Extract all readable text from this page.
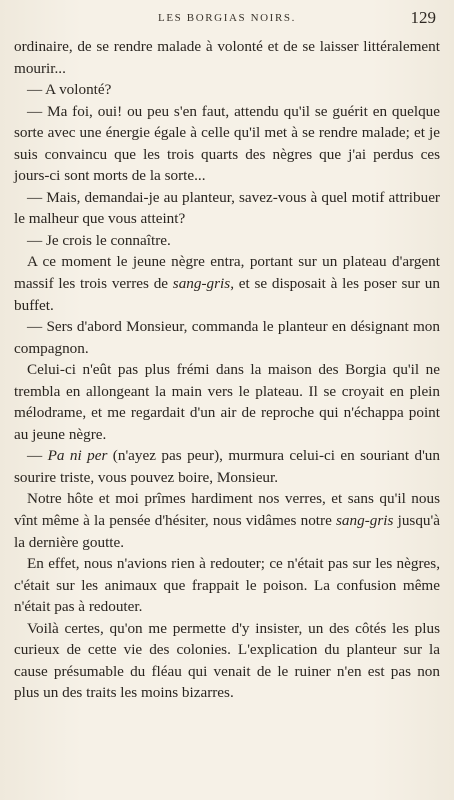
LES BORGIAS NOIRS.	129

ordinaire, de se rendre malade à volonté et de se laisser littéralement mourir...

— A volonté?

— Ma foi, oui! ou peu s'en faut, attendu qu'il se guérit en quelque sorte avec une énergie égale à celle qu'il met à se rendre malade; et je suis convaincu que les trois quarts des nègres que j'ai perdus ces jours-ci sont morts de la sorte...

— Mais, demandai-je au planteur, savez-vous à quel motif attribuer le malheur que vous atteint?

— Je crois le connaître.

A ce moment le jeune nègre entra, portant sur un plateau d'argent massif les trois verres de sang-gris, et se disposait à les poser sur un buffet.

— Sers d'abord Monsieur, commanda le planteur en désignant mon compagnon.

Celui-ci n'eût pas plus frémi dans la maison des Borgia qu'il ne trembla en allongeant la main vers le plateau. Il se croyait en plein mélodrame, et me regardait d'un air de reproche qui n'échappa point au jeune nègre.

— Pa ni per (n'ayez pas peur), murmura celui-ci en souriant d'un sourire triste, vous pouvez boire, Monsieur.

Notre hôte et moi prîmes hardiment nos verres, et sans qu'il nous vînt même à la pensée d'hésiter, nous vidâmes notre sang-gris jusqu'à la dernière goutte.

En effet, nous n'avions rien à redouter; ce n'était pas sur les nègres, c'était sur les animaux que frappait le poison. La confusion même n'était pas à redouter.

Voilà certes, qu'on me permette d'y insister, un des côtés les plus curieux de cette vie des colonies. L'explication du planteur sur la cause présumable du fléau qui venait de le ruiner n'en est pas non plus un des traits les moins bizarres.
